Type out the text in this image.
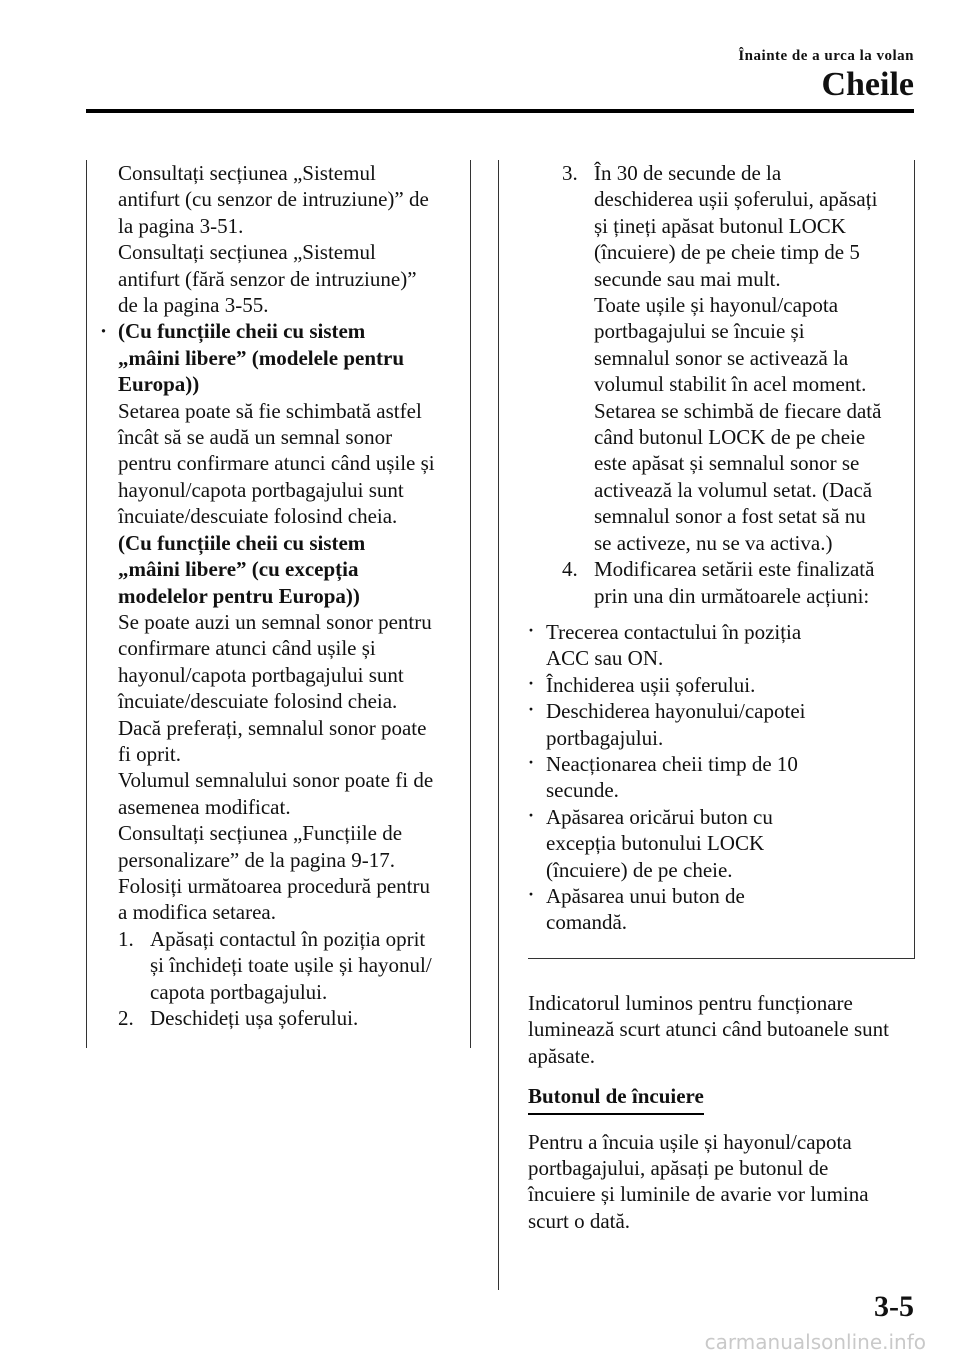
Înainte de a urca la volan
Cheile

Consultați secțiunea „Sistemul
antifurt (cu senzor de intruziune)” de
la pagina 3-51.

Consultați secțiunea „Sistemul
antifurt (fără senzor de intruziune)”
de la pagina 3-55.

· (Cu funcțiile cheii cu sistem
„mâini libere” (modelele pentru
Europa))

Setarea poate să fie schimbată astfel
încât să se audă un semnal sonor
pentru confirmare atunci când ușile și
hayonul/capota portbagajului sunt
încuiate/descuiate folosind cheia.

(Cu funcțiile cheii cu sistem
„mâini libere” (cu excepția
modelelor pentru Europa))

Se poate auzi un semnal sonor pentru
confirmare atunci când ușile și
hayonul/capota portbagajului sunt
încuiate/descuiate folosind cheia.
Dacă preferați, semnalul sonor poate
fi oprit.
Volumul semnalului sonor poate fi de
asemenea modificat.
Consultați secțiunea „Funcțiile de
personalizare” de la pagina 9-17.
Folosiți următoarea procedură pentru
a modifica setarea.

1. Apăsați contactul în poziția oprit
și închideți toate ușile și hayonul/
capota portbagajului.

2. Deschideți ușa șoferului.

3. În 30 de secunde de la
deschiderea ușii șoferului, apăsați
și țineți apăsat butonul LOCK
(încuiere) de pe cheie timp de 5
secunde sau mai mult.
Toate ușile și hayonul/capota
portbagajului se încuie și
semnalul sonor se activează la
volumul stabilit în acel moment.
Setarea se schimbă de fiecare dată
când butonul LOCK de pe cheie
este apăsat și semnalul sonor se
activează la volumul setat. (Dacă
semnalul sonor a fost setat să nu
se activeze, nu se va activa.)

4. Modificarea setării este finalizată
prin una din următoarele acțiuni:

· Trecerea contactului în poziția
ACC sau ON.

· Închiderea ușii șoferului.

· Deschiderea hayonului/capotei
portbagajului.

· Neacționarea cheii timp de 10
secunde.

· Apăsarea oricărui buton cu
excepția butonului LOCK
(încuiere) de pe cheie.

· Apăsarea unui buton de
comandă.

Indicatorul luminos pentru funcționare
luminează scurt atunci când butoanele sunt
apăsate.

Butonul de încuiere

Pentru a încuia ușile și hayonul/capota
portbagajului, apăsați pe butonul de
încuiere și luminile de avarie vor lumina
scurt o dată.

3-5
carmanualsonline.info
